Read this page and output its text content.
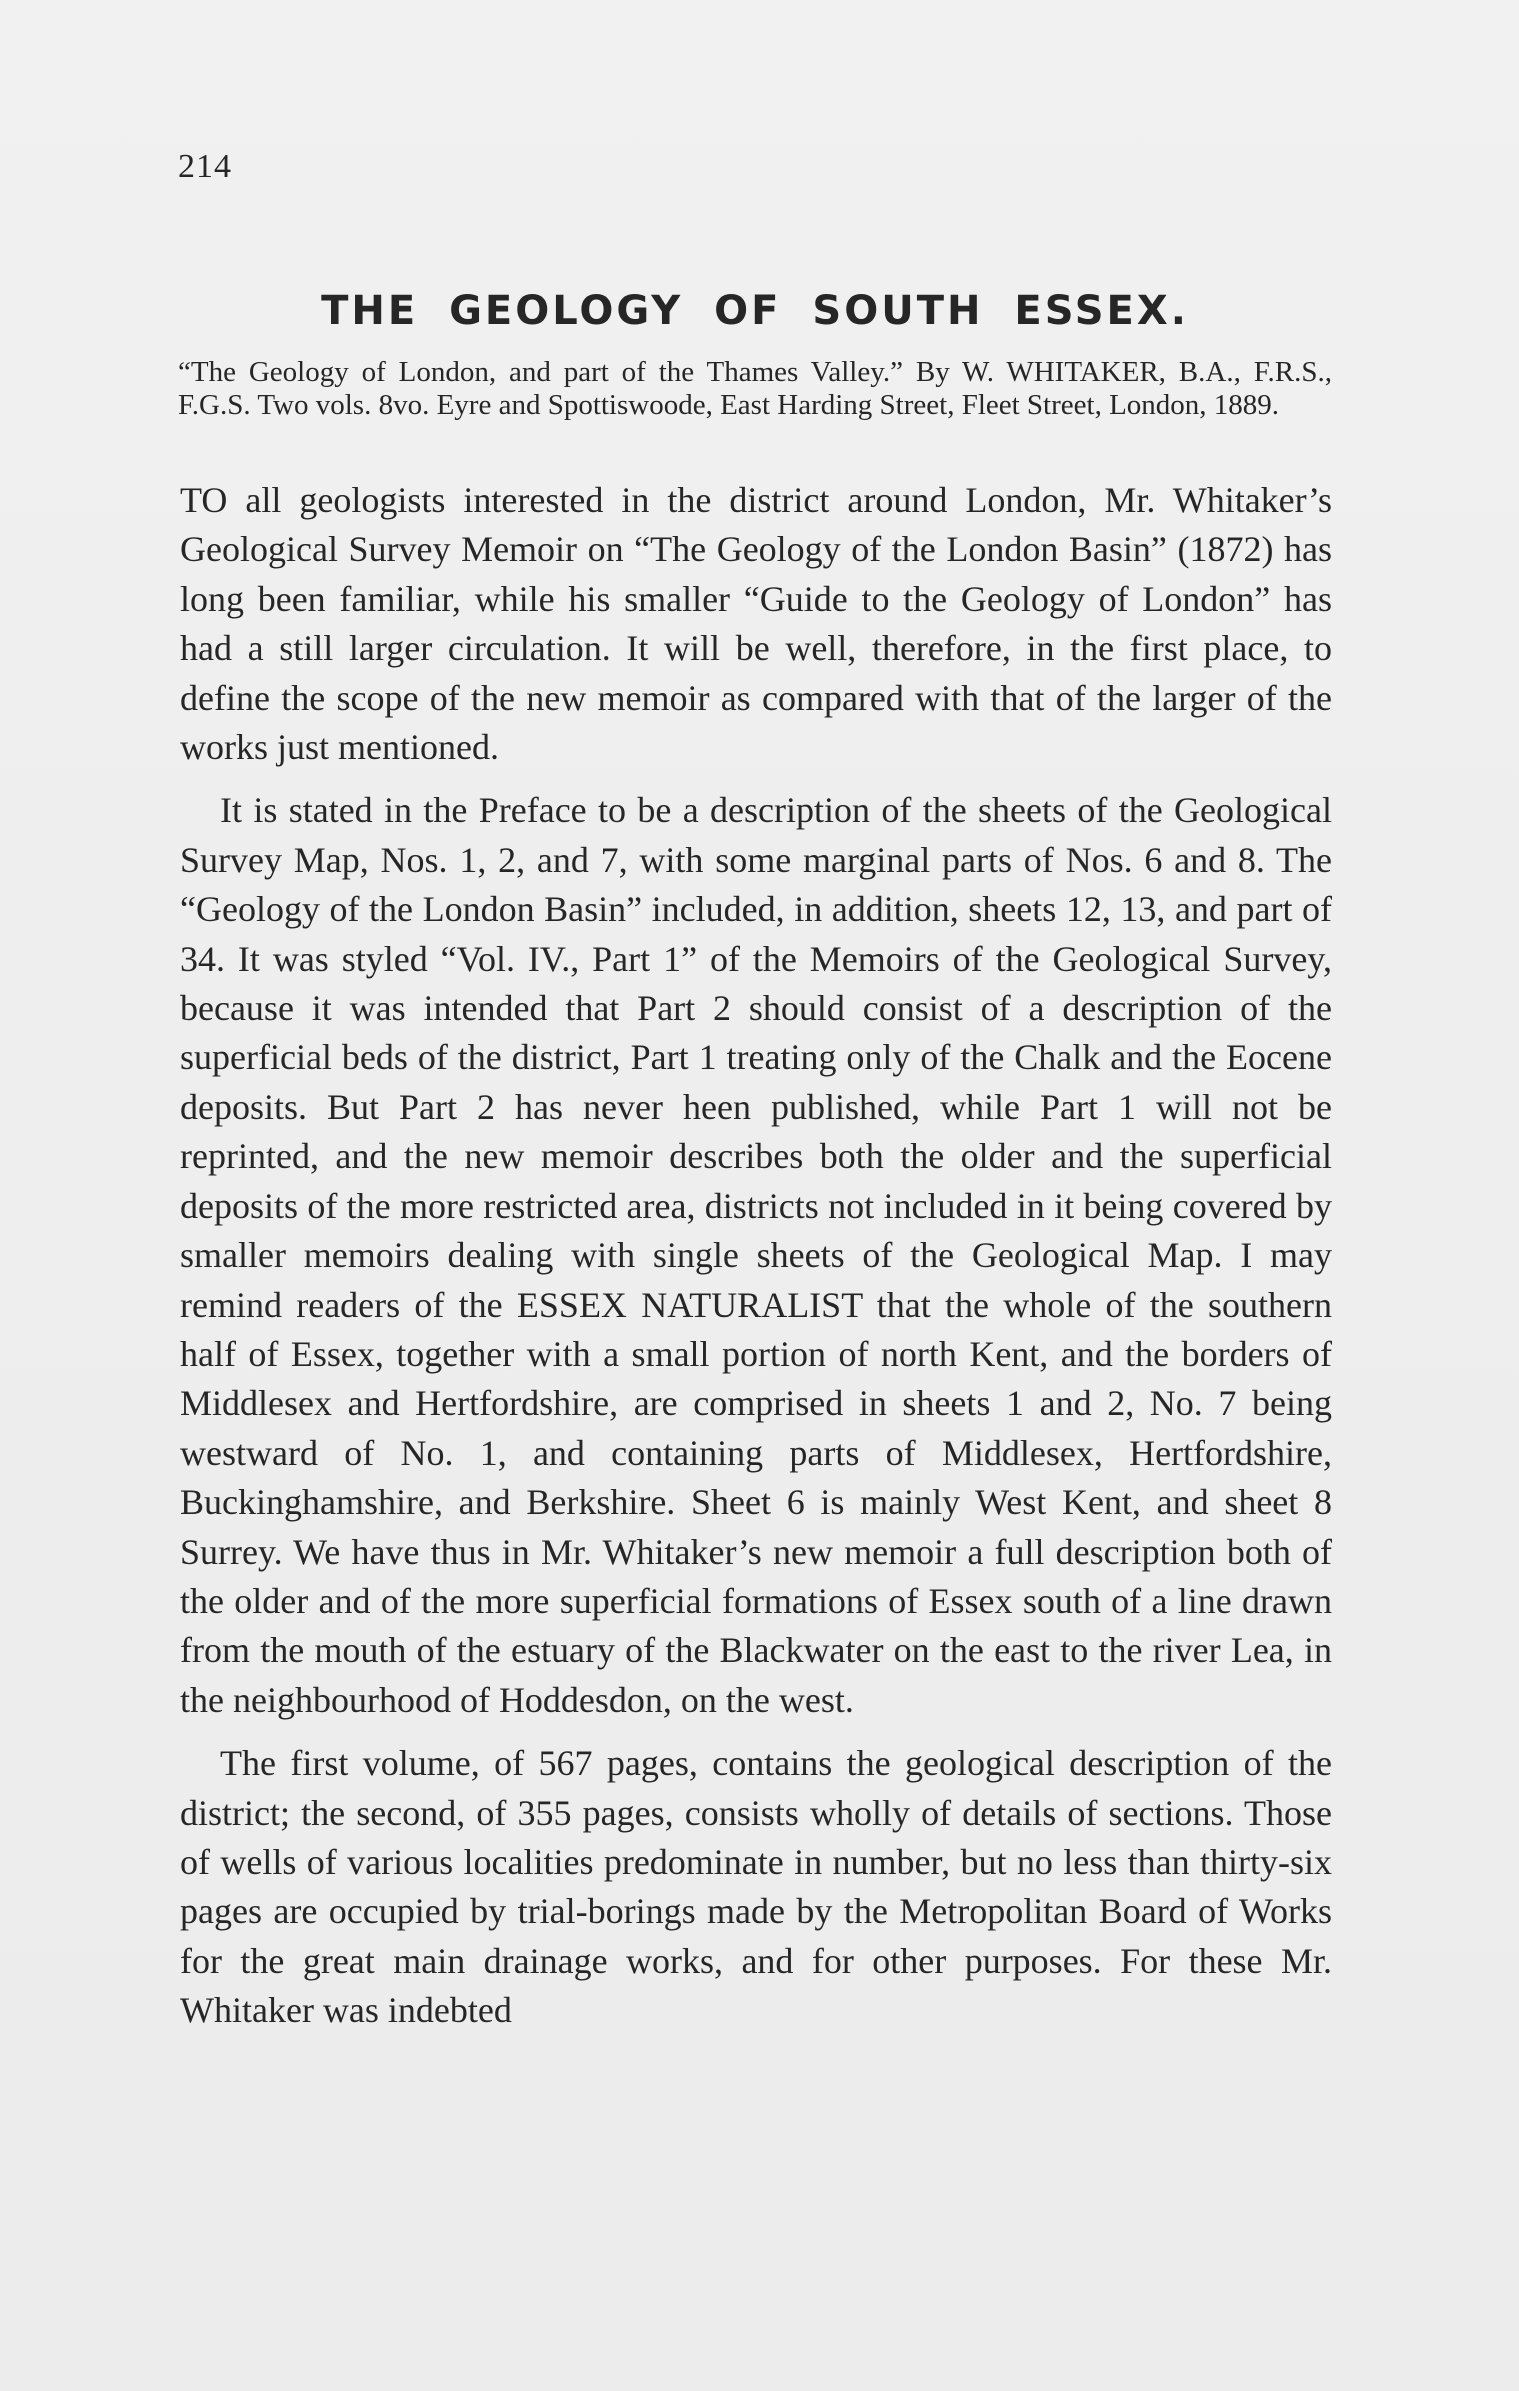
214

THE GEOLOGY OF SOUTH ESSEX.

“The Geology of London, and part of the Thames Valley.” By W. WHITAKER, B.A., F.R.S., F.G.S. Two vols. 8vo. Eyre and Spottiswoode, East Harding Street, Fleet Street, London, 1889.

TO all geologists interested in the district around London, Mr. Whitaker’s Geological Survey Memoir on “The Geology of the London Basin” (1872) has long been familiar, while his smaller “Guide to the Geology of London” has had a still larger circulation. It will be well, therefore, in the first place, to define the scope of the new memoir as compared with that of the larger of the works just mentioned.

It is stated in the Preface to be a description of the sheets of the Geological Survey Map, Nos. 1, 2, and 7, with some marginal parts of Nos. 6 and 8. The “Geology of the London Basin” included, in addition, sheets 12, 13, and part of 34. It was styled “Vol. IV., Part 1” of the Memoirs of the Geological Survey, because it was intended that Part 2 should consist of a description of the superficial beds of the district, Part 1 treating only of the Chalk and the Eocene deposits. But Part 2 has never heen published, while Part 1 will not be reprinted, and the new memoir describes both the older and the superficial deposits of the more restricted area, districts not included in it being covered by smaller memoirs dealing with single sheets of the Geological Map. I may remind readers of the ESSEX NATURALIST that the whole of the southern half of Essex, together with a small portion of north Kent, and the borders of Middlesex and Hertfordshire, are comprised in sheets 1 and 2, No. 7 being westward of No. 1, and containing parts of Middlesex, Hertfordshire, Buckinghamshire, and Berkshire. Sheet 6 is mainly West Kent, and sheet 8 Surrey. We have thus in Mr. Whitaker’s new memoir a full description both of the older and of the more superficial formations of Essex south of a line drawn from the mouth of the estuary of the Blackwater on the east to the river Lea, in the neighbourhood of Hoddesdon, on the west.

The first volume, of 567 pages, contains the geological description of the district; the second, of 355 pages, consists wholly of details of sections. Those of wells of various localities predominate in number, but no less than thirty-six pages are occupied by trial-borings made by the Metropolitan Board of Works for the great main drainage works, and for other purposes. For these Mr. Whitaker was indebted
